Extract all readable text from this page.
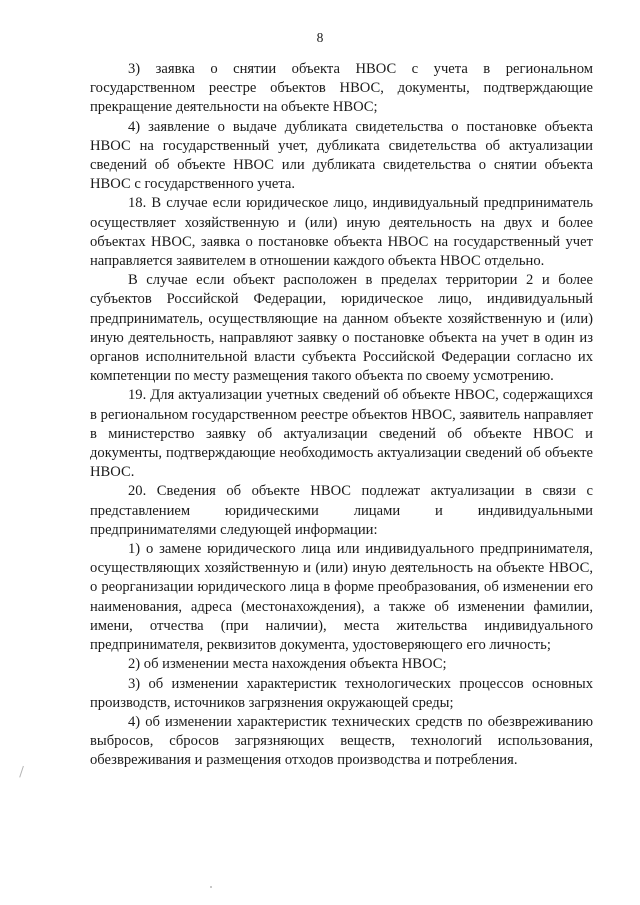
8

3) заявка о снятии объекта НВОС с учета в региональном государственном реестре объектов НВОС, документы, подтверждающие прекращение деятельности на объекте НВОС;

4) заявление о выдаче дубликата свидетельства о постановке объекта НВОС на государственный учет, дубликата свидетельства об актуализации сведений об объекте НВОС или дубликата свидетельства о снятии объекта НВОС с государственного учета.

18. В случае если юридическое лицо, индивидуальный предприниматель осуществляет хозяйственную и (или) иную деятельность на двух и более объектах НВОС, заявка о постановке объекта НВОС на государственный учет направляется заявителем в отношении каждого объекта НВОС отдельно.

В случае если объект расположен в пределах территории 2 и более субъектов Российской Федерации, юридическое лицо, индивидуальный предприниматель, осуществляющие на данном объекте хозяйственную и (или) иную деятельность, направляют заявку о постановке объекта на учет в один из органов исполнительной власти субъекта Российской Федерации согласно их компетенции по месту размещения такого объекта по своему усмотрению.

19. Для актуализации учетных сведений об объекте НВОС, содержащихся в региональном государственном реестре объектов НВОС, заявитель направляет в министерство заявку об актуализации сведений об объекте НВОС и документы, подтверждающие необходимость актуализации сведений об объекте НВОС.

20. Сведения об объекте НВОС подлежат актуализации в связи с представлением юридическими лицами и индивидуальными предпринимателями следующей информации:

1) о замене юридического лица или индивидуального предпринимателя, осуществляющих хозяйственную и (или) иную деятельность на объекте НВОС, о реорганизации юридического лица в форме преобразования, об изменении его наименования, адреса (местонахождения), а также об изменении фамилии, имени, отчества (при наличии), места жительства индивидуального предпринимателя, реквизитов документа, удостоверяющего его личность;

2) об изменении места нахождения объекта НВОС;

3) об изменении характеристик технологических процессов основных производств, источников загрязнения окружающей среды;

4) об изменении характеристик технических средств по обезвреживанию выбросов, сбросов загрязняющих веществ, технологий использования, обезвреживания и размещения отходов производства и потребления.
